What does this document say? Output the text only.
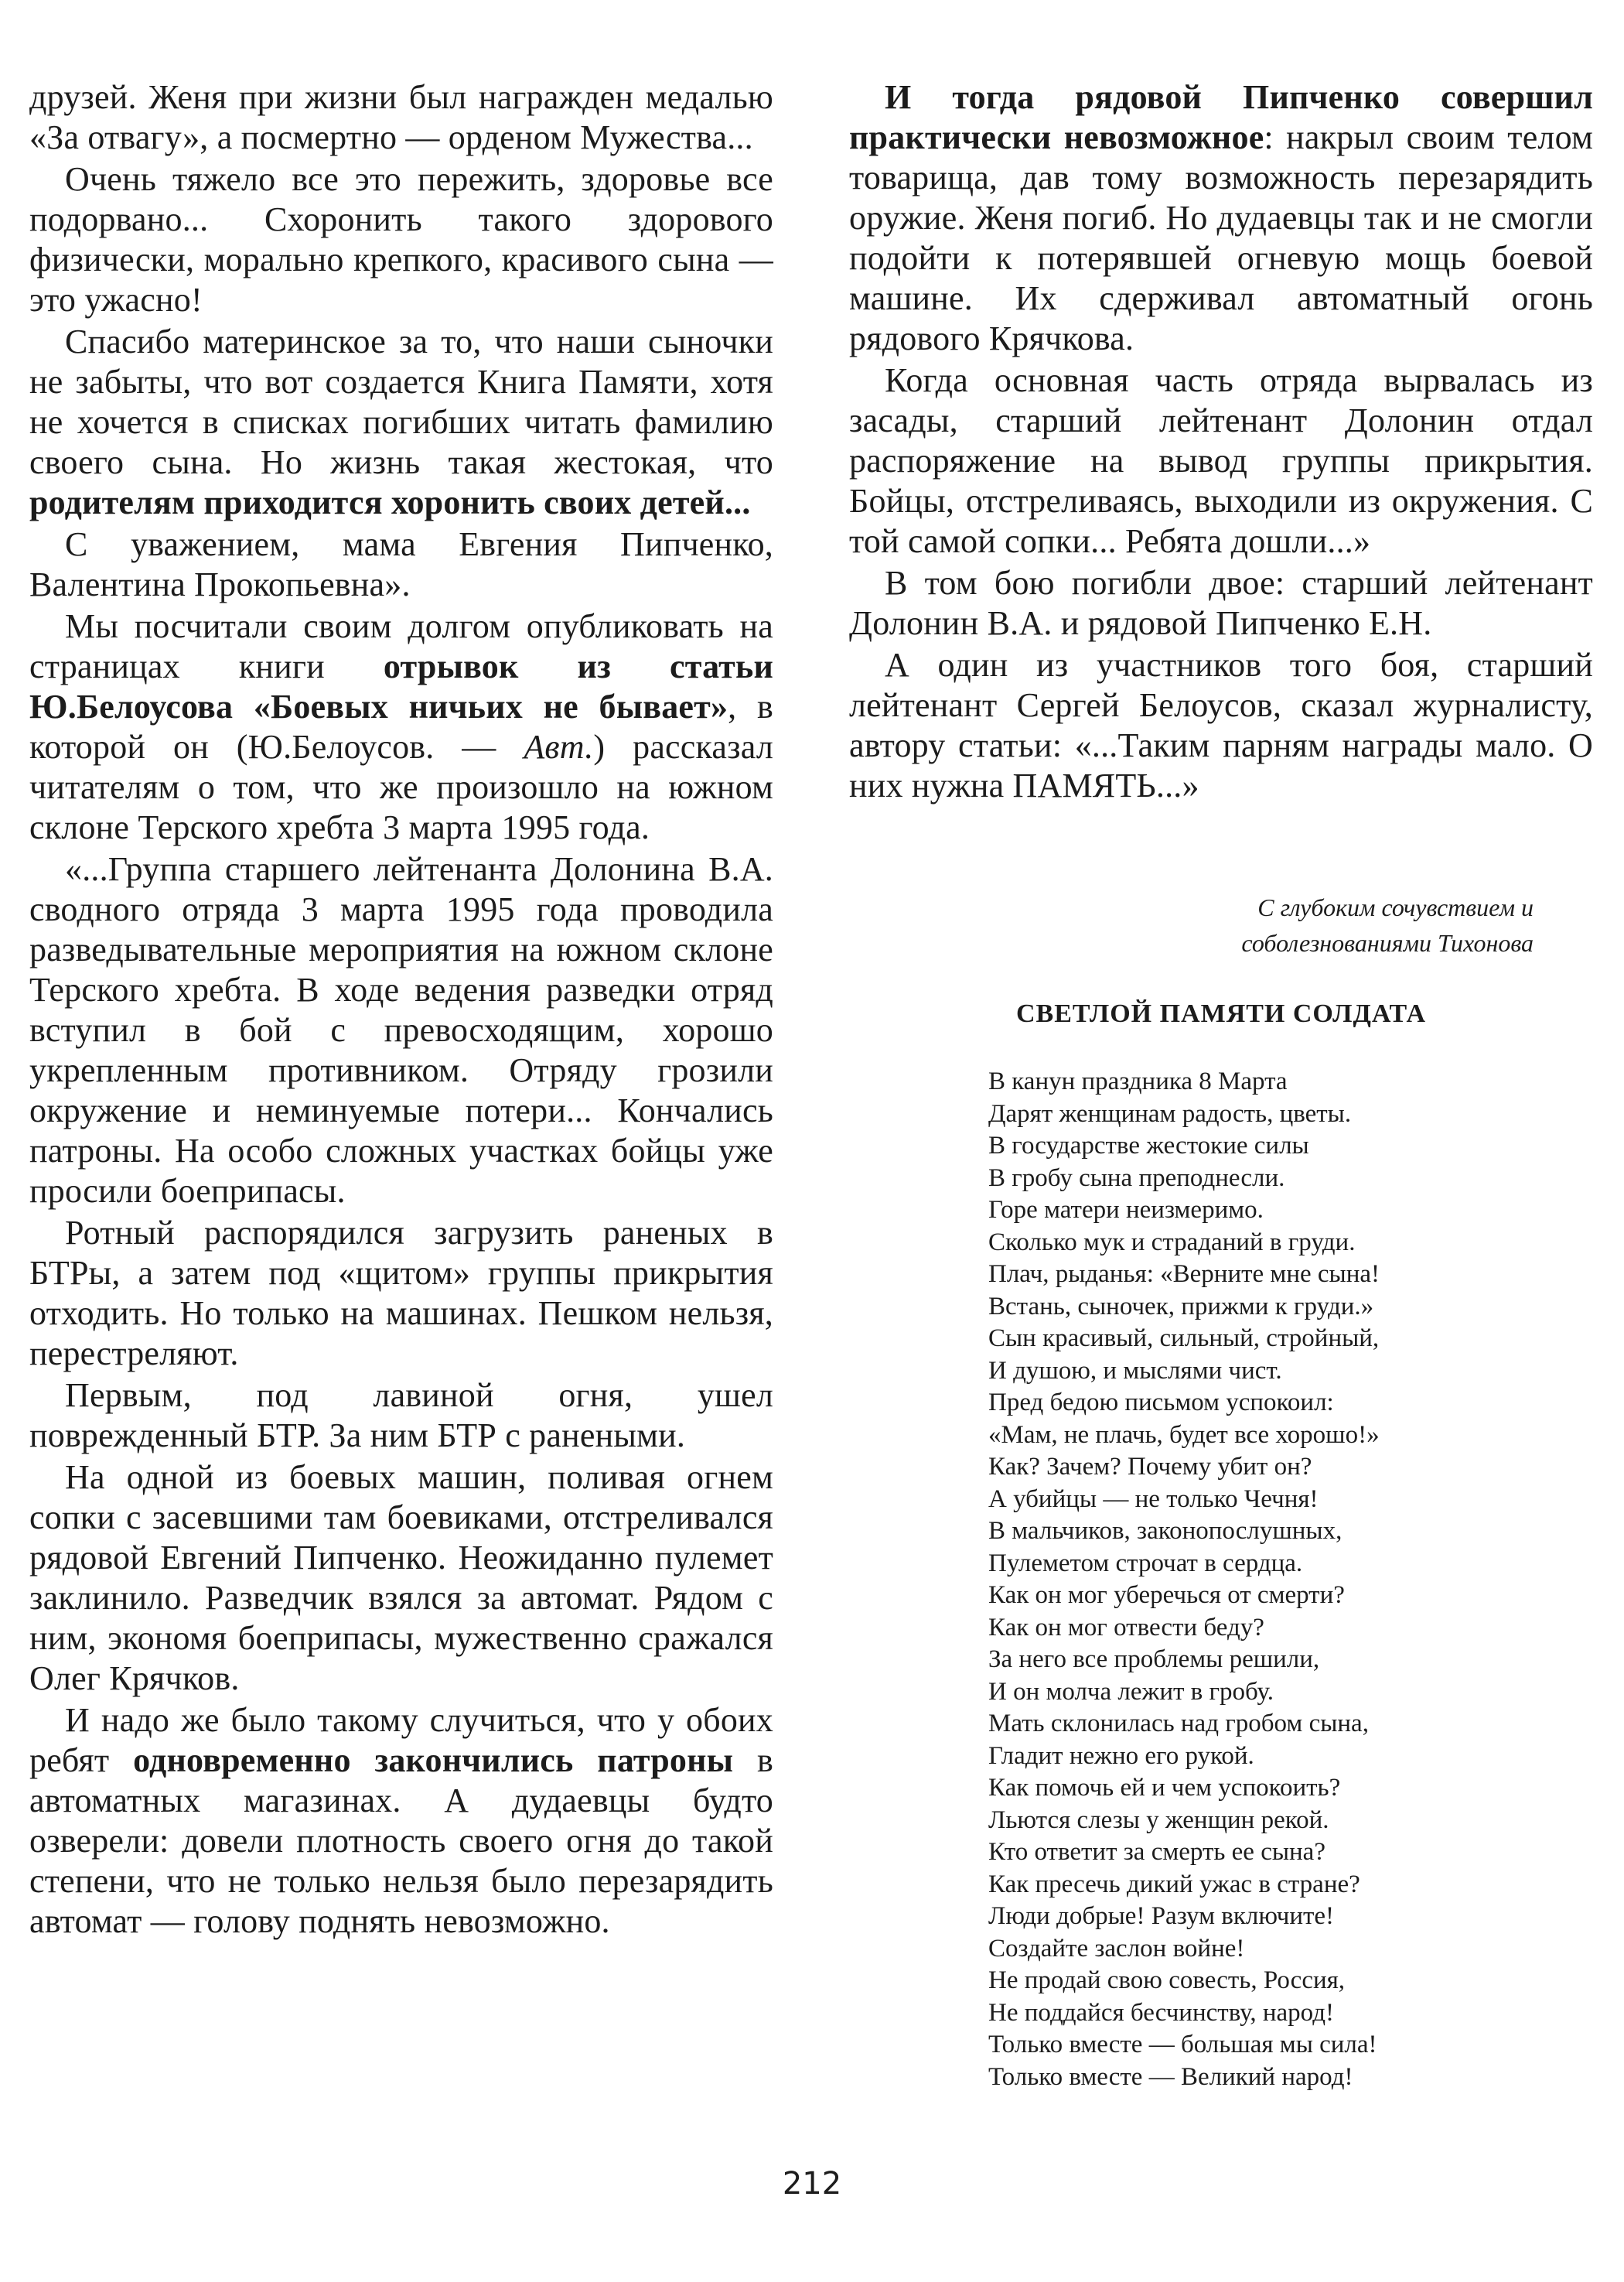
друзей. Женя при жизни был награжден медалью «За отвагу», а посмертно — орденом Мужества...

Очень тяжело все это пережить, здоровье все подорвано... Схоронить такого здорового физически, морально крепкого, красивого сына — это ужасно!

Спасибо материнское за то, что наши сыночки не забыты, что вот создается Книга Памяти, хотя не хочется в списках погибших читать фамилию своего сына. Но жизнь такая жестокая, что родителям приходится хоронить своих детей...

С уважением, мама Евгения Пипченко, Валентина Прокопьевна».

Мы посчитали своим долгом опубликовать на страницах книги отрывок из статьи Ю.Белоусова «Боевых ничьих не бывает», в которой он (Ю.Белоусов. — Авт.) рассказал читателям о том, что же произошло на южном склоне Терского хребта 3 марта 1995 года.

«...Группа старшего лейтенанта Долонина В.А. сводного отряда 3 марта 1995 года проводила разведывательные мероприятия на южном склоне Терского хребта. В ходе ведения разведки отряд вступил в бой с превосходящим, хорошо укрепленным противником. Отряду грозили окружение и неминуемые потери... Кончались патроны. На особо сложных участках бойцы уже просили боеприпасы.

Ротный распорядился загрузить раненых в БТРы, а затем под «щитом» группы прикрытия отходить. Но только на машинах. Пешком нельзя, перестреляют.

Первым, под лавиной огня, ушел поврежденный БТР. За ним БТР с ранеными.

На одной из боевых машин, поливая огнем сопки с засевшими там боевиками, отстреливался рядовой Евгений Пипченко. Неожиданно пулемет заклинило. Разведчик взялся за автомат. Рядом с ним, экономя боеприпасы, мужественно сражался Олег Крячков.

И надо же было такому случиться, что у обоих ребят одновременно закончились патроны в автоматных магазинах. А дудаевцы будто озверели: довели плотность своего огня до такой степени, что не только нельзя было перезарядить автомат — голову поднять невозможно.

И тогда рядовой Пипченко совершил практически невозможное: накрыл своим телом товарища, дав тому возможность перезарядить оружие. Женя погиб. Но дудаевцы так и не смогли подойти к потерявшей огневую мощь боевой машине. Их сдерживал автоматный огонь рядового Крячкова.

Когда основная часть отряда вырвалась из засады, старший лейтенант Долонин отдал распоряжение на вывод группы прикрытия. Бойцы, отстреливаясь, выходили из окружения. С той самой сопки... Ребята дошли...»

В том бою погибли двое: старший лейтенант Долонин В.А. и рядовой Пипченко Е.Н.

А один из участников того боя, старший лейтенант Сергей Белоусов, сказал журналисту, автору статьи: «...Таким парням награды мало. О них нужна ПАМЯТЬ...»

С глубоким сочувствием и
соболезнованиями Тихонова
СВЕТЛОЙ ПАМЯТИ СОЛДАТА
В канун праздника 8 Марта
Дарят женщинам радость, цветы.
В государстве жестокие силы
В гробу сына преподнесли.
Горе матери неизмеримо.
Сколько мук и страданий в груди.
Плач, рыданья: «Верните мне сына!
Встань, сыночек, прижми к груди.»
Сын красивый, сильный, стройный,
И душою, и мыслями чист.
Пред бедою письмом успокоил:
«Мам, не плачь, будет все хорошо!»
Как? Зачем? Почему убит он?
А убийцы — не только Чечня!
В мальчиков, законопослушных,
Пулеметом строчат в сердца.
Как он мог уберечься от смерти?
Как он мог отвести беду?
За него все проблемы решили,
И он молча лежит в гробу.
Мать склонилась над гробом сына,
Гладит нежно его рукой.
Как помочь ей и чем успокоить?
Льются слезы у женщин рекой.
Кто ответит за смерть ее сына?
Как пресечь дикий ужас в стране?
Люди добрые! Разум включите!
Создайте заслон войне!
Не продай свою совесть, Россия,
Не поддайся бесчинству, народ!
Только вместе — большая мы сила!
Только вместе — Великий народ!

212
